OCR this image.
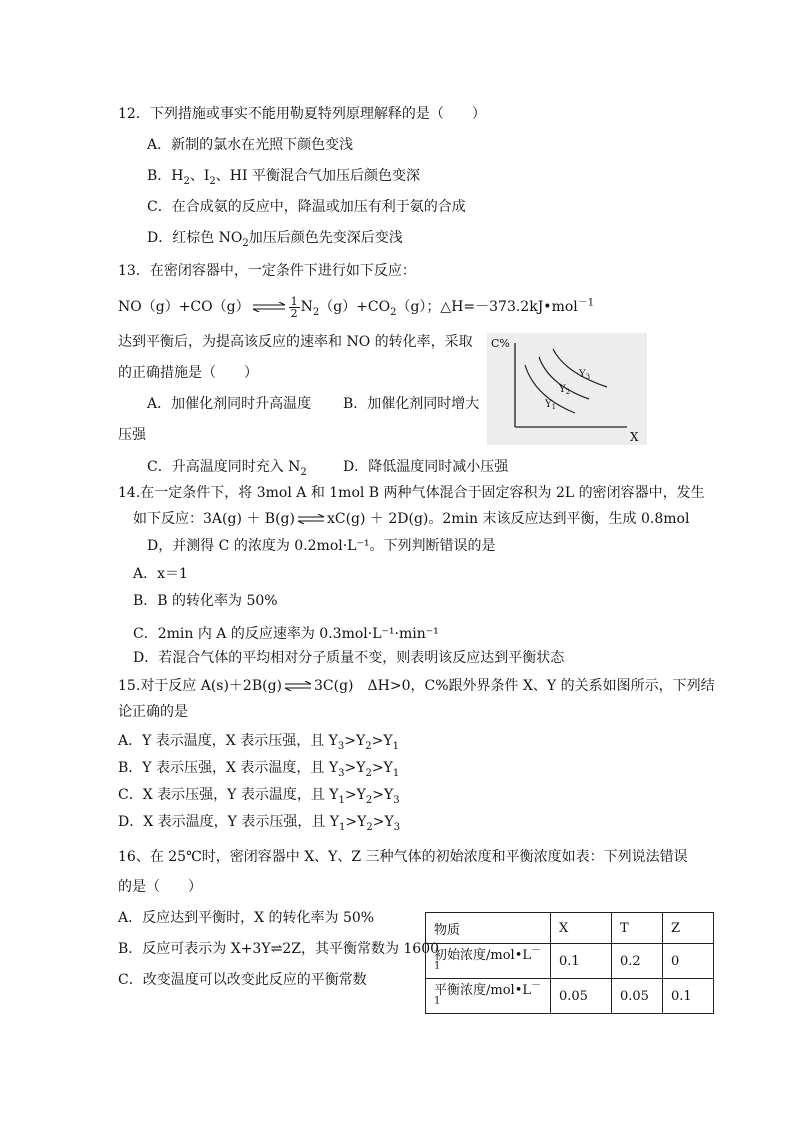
12．下列措施或事实不能用勒夏特列原理解释的是（　　）
A．新制的氯水在光照下颜色变浅
B．$H_2$、$I_2$、HI 平衡混合气加压后颜色变深
C．在合成氨的反应中，降温或加压有利于氨的合成
D．红棕色 $NO_2$加压后颜色先变深后变浅
13．在密闭容器中，一定条件下进行如下反应：
NO（g）+CO（g） ⇌ $\frac{1}{2} N_2(g)+CO_2(g)$；△H=－373.2kJ•mol$^{-1}$
达到平衡后，为提高该反应的速率和 NO 的转化率，采取
的正确措施是（　　）
A．加催化剂同时升高温度 B．加催化剂同时增大
压强
C．升高温度同时充入 $N_2$	D．降低温度同时减小压强
C%
X
$Y_1$
$Y_2$
$Y_3$
14.在一定条件下，将 3mol A 和 1mol B 两种气体混合于固定容积为 2L 的密闭容器中，发生
如下反应：3A(g) ＋ B(g) ⇌ xC(g) ＋ 2D(g)。2min 末该反应达到平衡，生成 0.8mol
D，并测得 C 的浓度为 0.2mol·L⁻¹。下列判断错误的是
A．x＝1
B．B 的转化率为 50%
C．2min 内 A 的反应速率为 0.3mol·L⁻¹·min⁻¹
D．若混合气体的平均相对分子质量不变，则表明该反应达到平衡状态
15.对于反应 A(s)＋2B(g) ⇌ 3C(g)　ΔH>0，C%跟外界条件 X、Y 的关系如图所示，下列结
论正确的是
A．Y 表示温度，X 表示压强，且 $Y_3>Y_2>Y_1$
B．Y 表示压强，X 表示温度，且 $Y_3>Y_2>Y_1$
C．X 表示压强，Y 表示温度，且 $Y_1>Y_2>Y_3$
D．X 表示温度，Y 表示压强，且 $Y_1>Y_2>Y_3$
16、在 25℃时，密闭容器中 X、Y、Z 三种气体的初始浓度和平衡浓度如表：下列说法错误
的是（　　）
A．反应达到平衡时，X 的转化率为 50%
B．反应可表示为 X+3Y⇌2Z，其平衡常数为 1600
C．改变温度可以改变此反应的平衡常数
物质	X	T	Z
初始浓度$/mol•L^{-1}$	0.1	0.2	0
平衡浓度$/mol•L^{-1}$	0.05	0.05	0.1
